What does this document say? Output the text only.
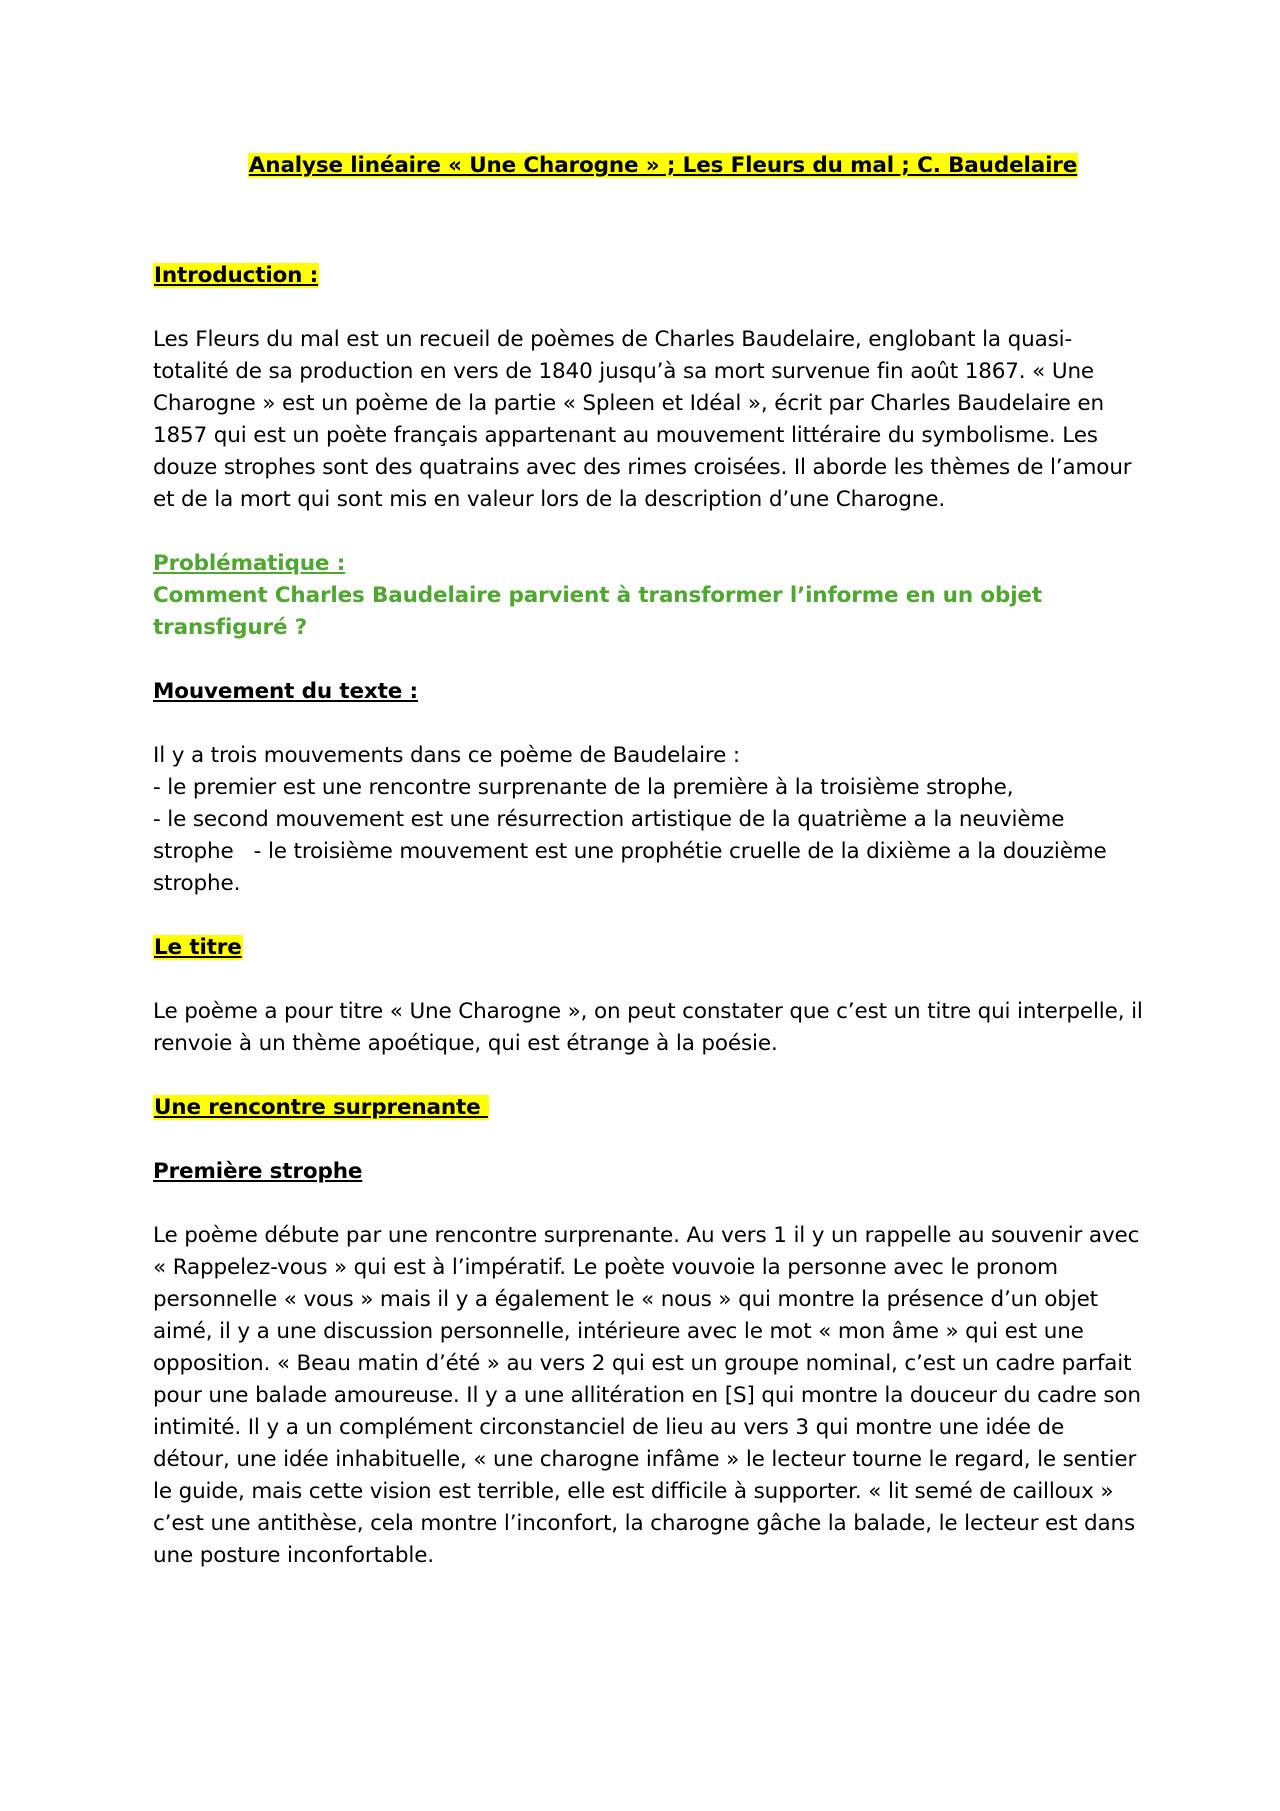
Analyse linéaire « Une Charogne » ; Les Fleurs du mal ; C. Baudelaire
Introduction :

Les Fleurs du mal est un recueil de poèmes de Charles Baudelaire, englobant la quasi-totalité de sa production en vers de 1840 jusqu’à sa mort survenue fin août 1867. « Une Charogne » est un poème de la partie « Spleen et Idéal », écrit par Charles Baudelaire en 1857 qui est un poète français appartenant au mouvement littéraire du symbolisme. Les douze strophes sont des quatrains avec des rimes croisées. Il aborde les thèmes de l’amour et de la mort qui sont mis en valeur lors de la description d’une Charogne.

Problématique :
Comment Charles Baudelaire parvient à transformer l’informe en un objet transfiguré ?
Mouvement du texte :
Il y a trois mouvements dans ce poème de Baudelaire :
- le premier est une rencontre surprenante de la première à la troisième strophe,
- le second mouvement est une résurrection artistique de la quatrième a la neuvième strophe   - le troisième mouvement est une prophétie cruelle de la dixième a la douzième strophe.
Le titre

Le poème a pour titre « Une Charogne », on peut constater que c’est un titre qui interpelle, il renvoie à un thème apoétique, qui est étrange à la poésie.

Une rencontre surprenante
Première strophe

Le poème débute par une rencontre surprenante. Au vers 1 il y un rappelle au souvenir avec « Rappelez-vous » qui est à l’impératif. Le poète vouvoie la personne avec le pronom personnelle « vous » mais il y a également le « nous » qui montre la présence d’un objet aimé, il y a une discussion personnelle, intérieure avec le mot « mon âme » qui est une opposition. « Beau matin d’été » au vers 2 qui est un groupe nominal, c’est un cadre parfait pour une balade amoureuse. Il y a une allitération en [S] qui montre la douceur du cadre son intimité. Il y a un complément circonstanciel de lieu au vers 3 qui montre une idée de détour, une idée inhabituelle, « une charogne infâme » le lecteur tourne le regard, le sentier le guide, mais cette vision est terrible, elle est difficile à supporter. « lit semé de cailloux » c’est une antithèse, cela montre l’inconfort, la charogne gâche la balade, le lecteur est dans une posture inconfortable.
